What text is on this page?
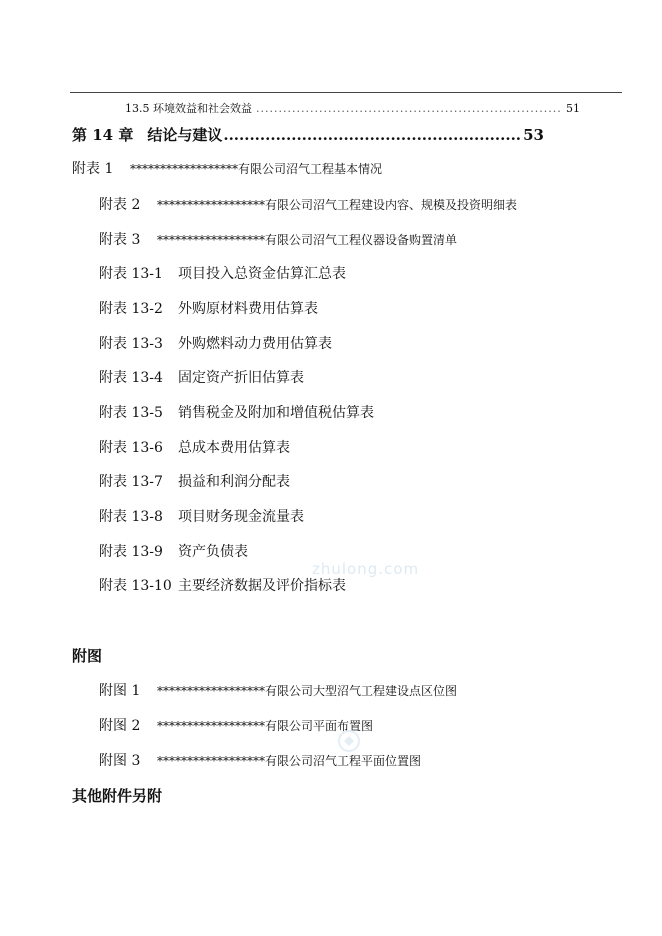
13.5 环境效益和社会效益 .....	51
第 14 章 结论与建议 .....	53
附表 1	******************有限公司沼气工程基本情况
附表 2	******************有限公司沼气工程建设内容、规模及投资明细表
附表 3	******************有限公司沼气工程仪器设备购置清单
附表 13-1	项目投入总资金估算汇总表
附表 13-2	外购原材料费用估算表
附表 13-3	外购燃料动力费用估算表
附表 13-4	固定资产折旧估算表
附表 13-5	销售税金及附加和增值税估算表
附表 13-6	总成本费用估算表
附表 13-7	损益和利润分配表
附表 13-8	项目财务现金流量表
附表 13-9	资产负债表
附表 13-10 主要经济数据及评价指标表
zhulong.com
附图
附图 1	******************有限公司大型沼气工程建设点区位图
附图 2	******************有限公司平面布置图
附图 3	******************有限公司沼气工程平面位置图
其他附件另附
